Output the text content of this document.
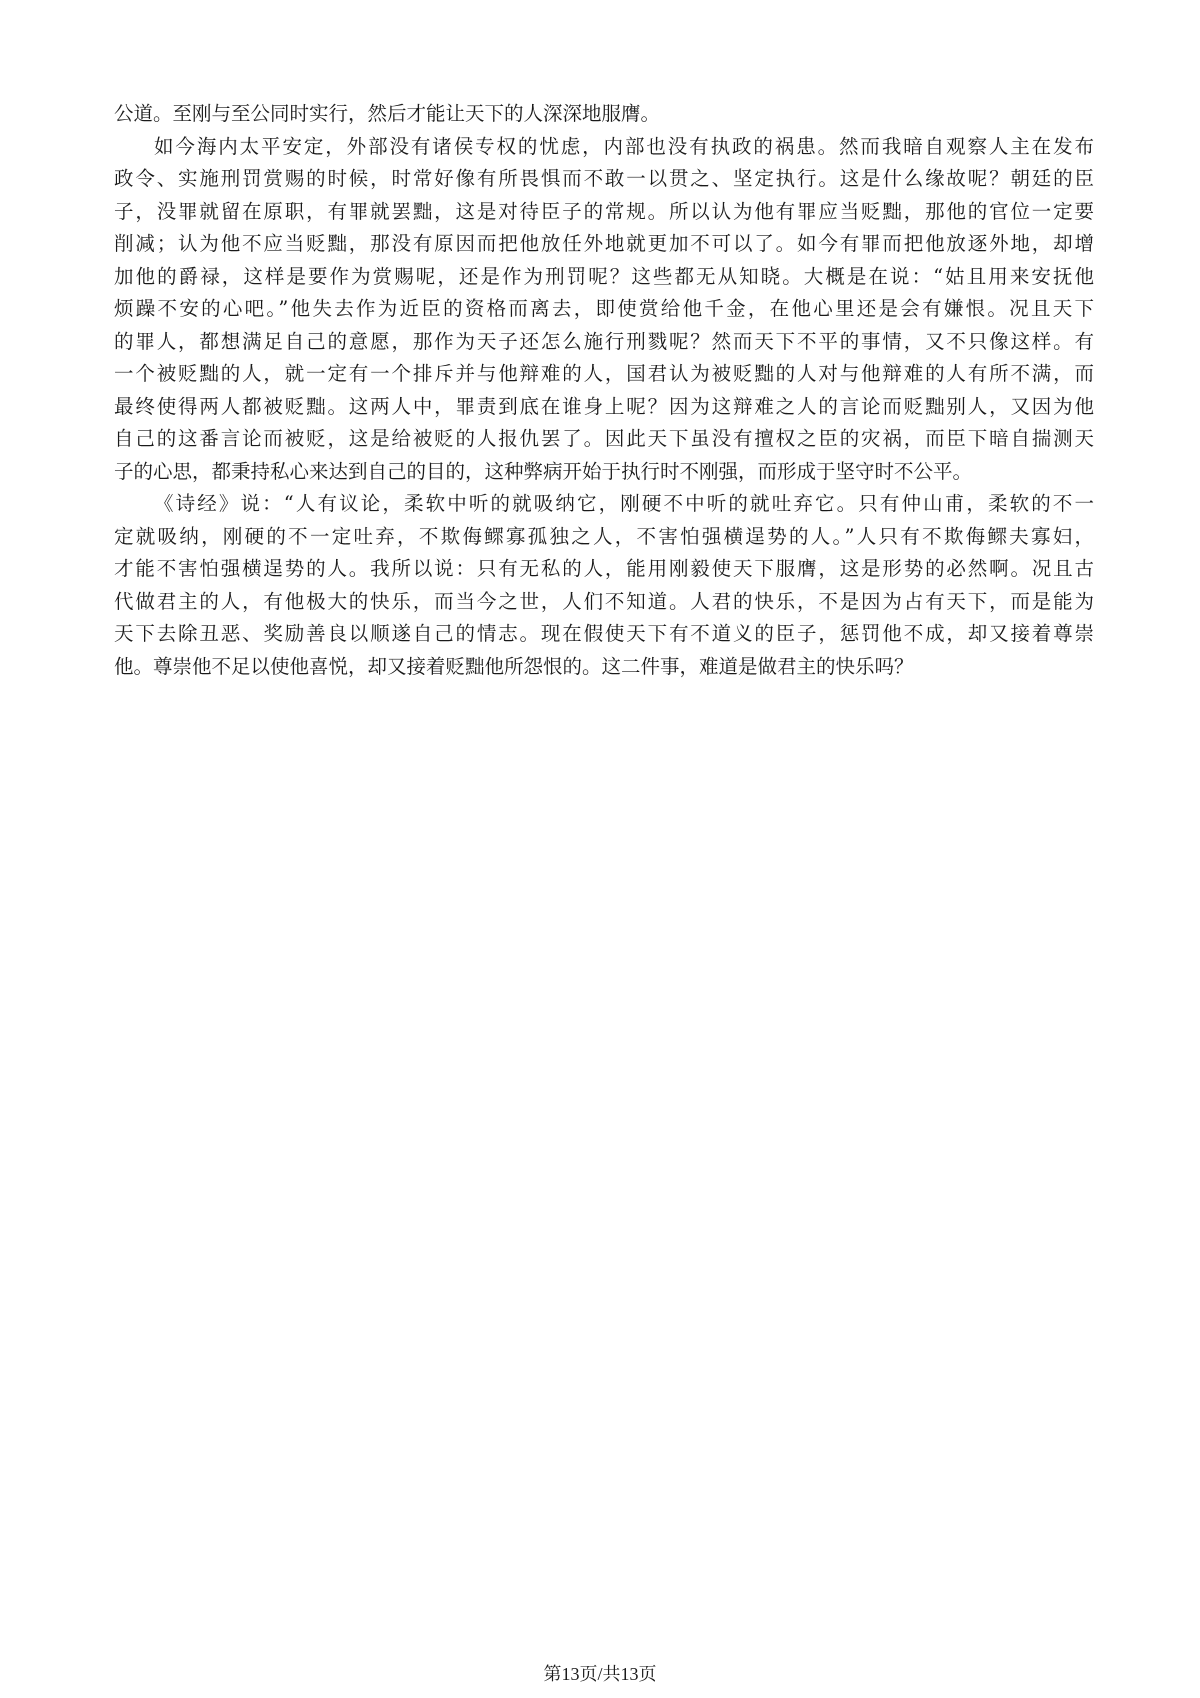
公道。至刚与至公同时实行，然后才能让天下的人深深地服膺。
如今海内太平安定，外部没有诸侯专权的忧虑，内部也没有执政的祸患。然而我暗自观察人主在发布
政令、实施刑罚赏赐的时候，时常好像有所畏惧而不敢一以贯之、坚定执行。这是什么缘故呢？朝廷的臣
子，没罪就留在原职，有罪就罢黜，这是对待臣子的常规。所以认为他有罪应当贬黜，那他的官位一定要
削减；认为他不应当贬黜，那没有原因而把他放任外地就更加不可以了。如今有罪而把他放逐外地，却增
加他的爵禄，这样是要作为赏赐呢，还是作为刑罚呢？这些都无从知晓。大概是在说：“姑且用来安抚他
烦躁不安的心吧。”他失去作为近臣的资格而离去，即使赏给他千金，在他心里还是会有嫌恨。况且天下
的罪人，都想满足自己的意愿，那作为天子还怎么施行刑戮呢？然而天下不平的事情，又不只像这样。有
一个被贬黜的人，就一定有一个排斥并与他辩难的人，国君认为被贬黜的人对与他辩难的人有所不满，而
最终使得两人都被贬黜。这两人中，罪责到底在谁身上呢？因为这辩难之人的言论而贬黜别人，又因为他
自己的这番言论而被贬，这是给被贬的人报仇罢了。因此天下虽没有擅权之臣的灾祸，而臣下暗自揣测天
子的心思，都秉持私心来达到自己的目的，这种弊病开始于执行时不刚强，而形成于坚守时不公平。
《诗经》说：“人有议论，柔软中听的就吸纳它，刚硬不中听的就吐弃它。只有仲山甫，柔软的不一
定就吸纳，刚硬的不一定吐弃，不欺侮鳏寡孤独之人，不害怕强横逞势的人。”人只有不欺侮鳏夫寡妇，
才能不害怕强横逞势的人。我所以说：只有无私的人，能用刚毅使天下服膺，这是形势的必然啊。况且古
代做君主的人，有他极大的快乐，而当今之世，人们不知道。人君的快乐，不是因为占有天下，而是能为
天下去除丑恶、奖励善良以顺遂自己的情志。现在假使天下有不道义的臣子，惩罚他不成，却又接着尊崇
他。尊崇他不足以使他喜悦，却又接着贬黜他所怨恨的。这二件事，难道是做君主的快乐吗？
第13页/共13页
